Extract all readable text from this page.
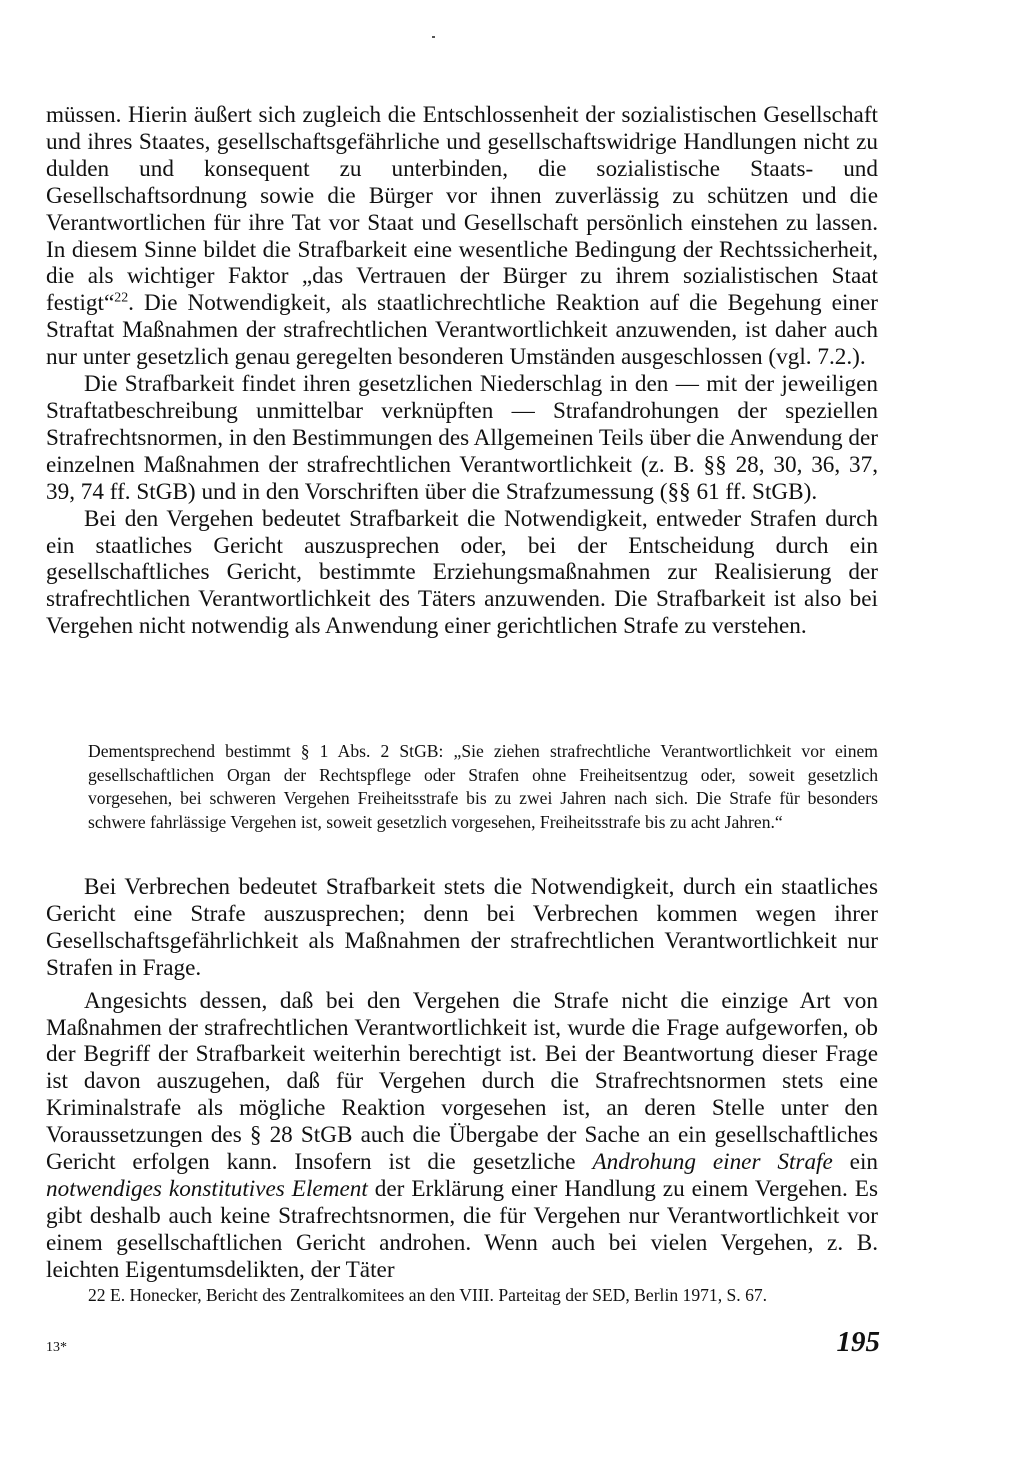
müssen. Hierin äußert sich zugleich die Entschlossenheit der sozialistischen Gesellschaft und ihres Staates, gesellschaftsgefährliche und gesellschaftswidrige Handlungen nicht zu dulden und konsequent zu unterbinden, die sozialistische Staats- und Gesellschaftsordnung sowie die Bürger vor ihnen zuverlässig zu schützen und die Verantwortlichen für ihre Tat vor Staat und Gesellschaft persönlich einstehen zu lassen. In diesem Sinne bildet die Strafbarkeit eine wesentliche Bedingung der Rechtssicherheit, die als wichtiger Faktor „das Vertrauen der Bürger zu ihrem sozialistischen Staat festigt“$^{22}$. Die Notwendigkeit, als staatlichrechtliche Reaktion auf die Begehung einer Straftat Maßnahmen der strafrechtlichen Verantwortlichkeit anzuwenden, ist daher auch nur unter gesetzlich genau geregelten besonderen Umständen ausgeschlossen (vgl. 7.2.).

Die Strafbarkeit findet ihren gesetzlichen Niederschlag in den — mit der jeweiligen Straftatbeschreibung unmittelbar verknüpften — Strafandrohungen der speziellen Strafrechtsnormen, in den Bestimmungen des Allgemeinen Teils über die Anwendung der einzelnen Maßnahmen der strafrechtlichen Verantwortlichkeit (z. B. §§ 28, 30, 36, 37, 39, 74 ff. StGB) und in den Vorschriften über die Strafzumessung (§§ 61 ff. StGB).

Bei den Vergehen bedeutet Strafbarkeit die Notwendigkeit, entweder Strafen durch ein staatliches Gericht auszusprechen oder, bei der Entscheidung durch ein gesellschaftliches Gericht, bestimmte Erziehungsmaßnahmen zur Realisierung der strafrechtlichen Verantwortlichkeit des Täters anzuwenden. Die Strafbarkeit ist also bei Vergehen nicht notwendig als Anwendung einer gerichtlichen Strafe zu verstehen.

Dementsprechend bestimmt § 1 Abs. 2 StGB: „Sie ziehen strafrechtliche Verantwortlichkeit vor einem gesellschaftlichen Organ der Rechtspflege oder Strafen ohne Freiheitsentzug oder, soweit gesetzlich vorgesehen, bei schweren Vergehen Freiheitsstrafe bis zu zwei Jahren nach sich. Die Strafe für besonders schwere fahrlässige Vergehen ist, soweit gesetzlich vorgesehen, Freiheitsstrafe bis zu acht Jahren.“

Bei Verbrechen bedeutet Strafbarkeit stets die Notwendigkeit, durch ein staatliches Gericht eine Strafe auszusprechen; denn bei Verbrechen kommen wegen ihrer Gesellschaftsgefährlichkeit als Maßnahmen der strafrechtlichen Verantwortlichkeit nur Strafen in Frage.

Angesichts dessen, daß bei den Vergehen die Strafe nicht die einzige Art von Maßnahmen der strafrechtlichen Verantwortlichkeit ist, wurde die Frage aufgeworfen, ob der Begriff der Strafbarkeit weiterhin berechtigt ist. Bei der Beantwortung dieser Frage ist davon auszugehen, daß für Vergehen durch die Strafrechtsnormen stets eine Kriminalstrafe als mögliche Reaktion vorgesehen ist, an deren Stelle unter den Voraussetzungen des § 28 StGB auch die Übergabe der Sache an ein gesellschaftliches Gericht erfolgen kann. Insofern ist die gesetzliche Androhung einer Strafe ein notwendiges konstitutives Element der Erklärung einer Handlung zu einem Vergehen. Es gibt deshalb auch keine Strafrechtsnormen, die für Vergehen nur Verantwortlichkeit vor einem gesellschaftlichen Gericht androhen. Wenn auch bei vielen Vergehen, z. B. leichten Eigentumsdelikten, der Täter

22 E. Honecker, Bericht des Zentralkomitees an den VIII. Parteitag der SED, Berlin 1971, S. 67.
13*	195
